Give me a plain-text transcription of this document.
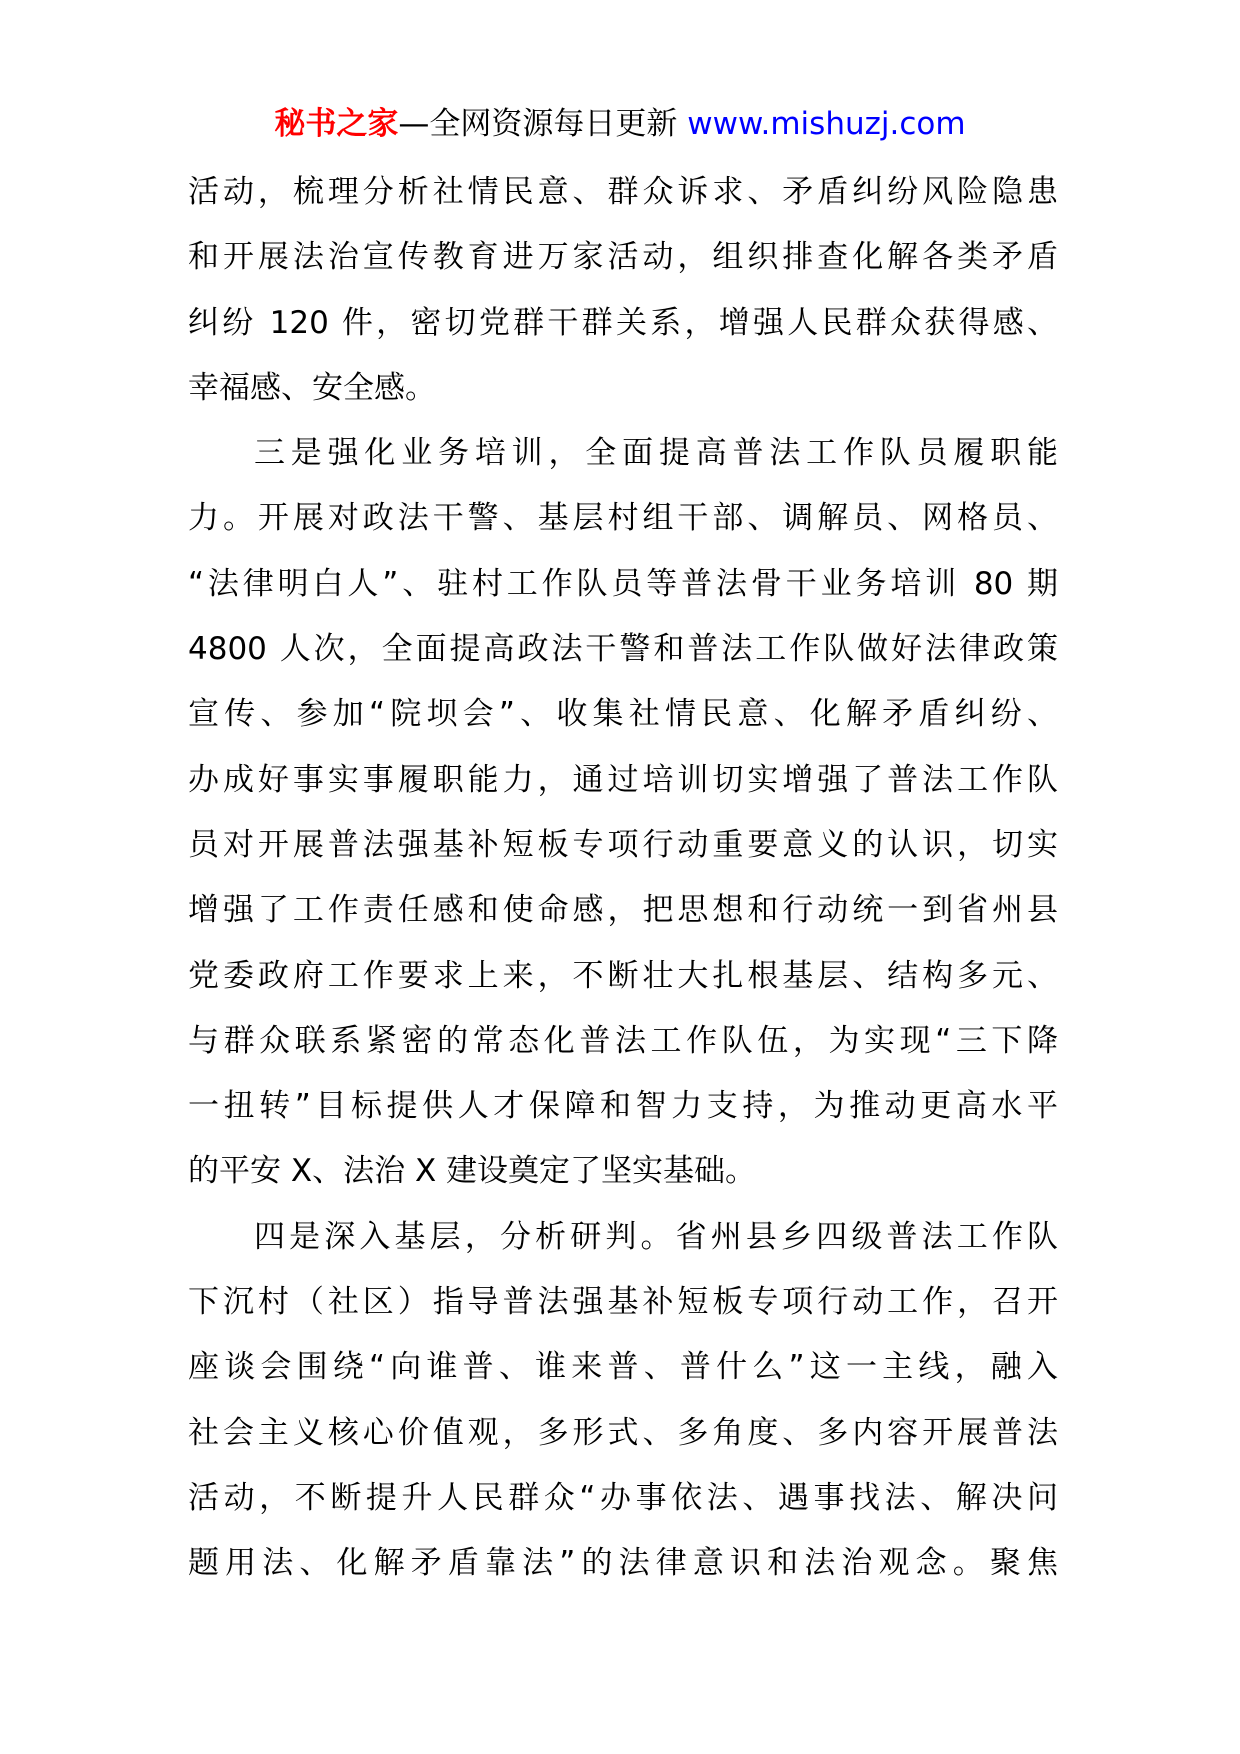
秘书之家—全网资源每日更新 www.mishuzj.com
活动，梳理分析社情民意、群众诉求、矛盾纠纷风险隐患
和开展法治宣传教育进万家活动，组织排查化解各类矛盾
纠纷 120 件，密切党群干群关系，增强人民群众获得感、
幸福感、安全感。
三是强化业务培训，全面提高普法工作队员履职能
力。开展对政法干警、基层村组干部、调解员、网格员、
“法律明白人”、驻村工作队员等普法骨干业务培训 80 期
4800 人次，全面提高政法干警和普法工作队做好法律政策
宣传、参加“院坝会”、收集社情民意、化解矛盾纠纷、
办成好事实事履职能力，通过培训切实增强了普法工作队
员对开展普法强基补短板专项行动重要意义的认识，切实
增强了工作责任感和使命感，把思想和行动统一到省州县
党委政府工作要求上来，不断壮大扎根基层、结构多元、
与群众联系紧密的常态化普法工作队伍，为实现“三下降
一扭转”目标提供人才保障和智力支持，为推动更高水平
的平安 X、法治 X 建设奠定了坚实基础。
四是深入基层，分析研判。省州县乡四级普法工作队
下沉村（社区）指导普法强基补短板专项行动工作，召开
座谈会围绕“向谁普、谁来普、普什么”这一主线，融入
社会主义核心价值观，多形式、多角度、多内容开展普法
活动，不断提升人民群众“办事依法、遇事找法、解决问
题用法、化解矛盾靠法”的法律意识和法治观念。聚焦
